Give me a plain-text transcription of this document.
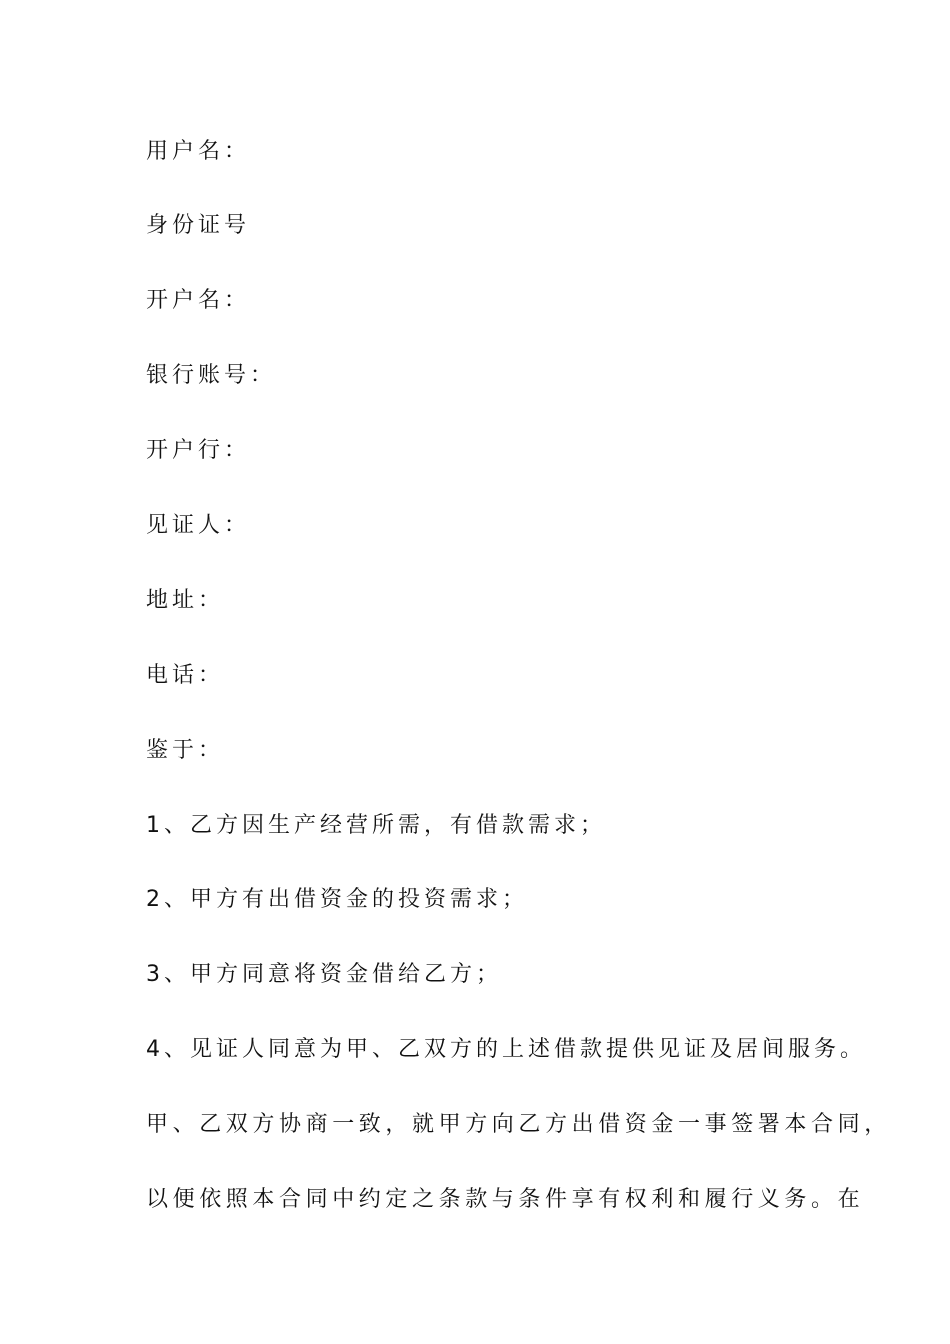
用户名：

身份证号

开户名：

银行账号：

开户行：

见证人：

地址：

电话：

鉴于：

1、乙方因生产经营所需，有借款需求；

2、甲方有出借资金的投资需求；

3、甲方同意将资金借给乙方；

4、见证人同意为甲、乙双方的上述借款提供见证及居间服务。

甲、乙双方协商一致，就甲方向乙方出借资金一事签署本合同，

以便依照本合同中约定之条款与条件享有权利和履行义务。在
